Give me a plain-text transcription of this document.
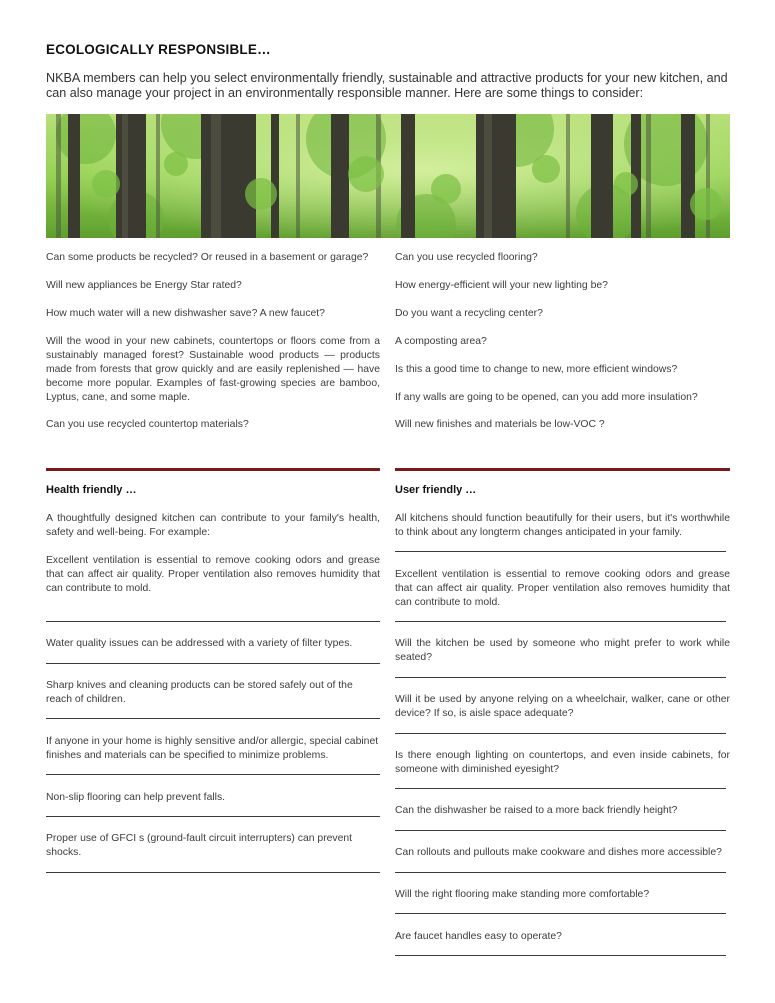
ECOLOGICALLY RESPONSIBLE…
NKBA members can help you select environmentally friendly, sustainable and attractive products for your new kitchen, and can also manage your project in an environmentally responsible manner. Here are some things to consider:
Can some products be recycled? Or reused in a basement or garage?
Will new appliances be Energy Star rated?
How much water will a new dishwasher save? A new faucet?
Will the wood in your new cabinets, countertops or floors come from a sustainably managed forest? Sustainable wood products — products made from forests that grow quickly and are easily replenished — have become more popular. Examples of fast-growing species are bamboo, Lyptus, cane, and some maple.
Can you use recycled countertop materials?
Can you use recycled flooring?
How energy-efficient will your new lighting be?
Do you want a recycling center?
A composting area?
Is this a good time to change to new, more efficient windows?
If any walls are going to be opened, can you add more insulation?
Will new finishes and materials be low-VOC ?
Health friendly …
A thoughtfully designed kitchen can contribute to your family's health, safety and well-being. For example:
Excellent ventilation is essential to remove cooking odors and grease that can affect air quality. Proper ventilation also removes humidity that can contribute to mold.
Water quality issues can be addressed with a variety of filter types.
Sharp knives and cleaning products can be stored safely out of the reach of children.
If anyone in your home is highly sensitive and/or allergic, special cabinet finishes and materials can be specified to minimize problems.
Non-slip flooring can help prevent falls.
Proper use of GFCI s (ground-fault circuit interrupters) can prevent shocks.
User friendly …
All kitchens should function beautifully for their users, but it's worthwhile to think about any longterm changes anticipated in your family.
Excellent ventilation is essential to remove cooking odors and grease that can affect air quality. Proper ventilation also removes humidity that can contribute to mold.
Will the kitchen be used by someone who might prefer to work while seated?
Will it be used by anyone relying on a wheelchair, walker, cane or other device? If so, is aisle space adequate?
Is there enough lighting on countertops, and even inside cabinets, for someone with diminished eyesight?
Can the dishwasher be raised to a more back friendly height?
Can rollouts and pullouts make cookware and dishes more accessible?
Will the right flooring make standing more comfortable?
Are faucet handles easy to operate?
